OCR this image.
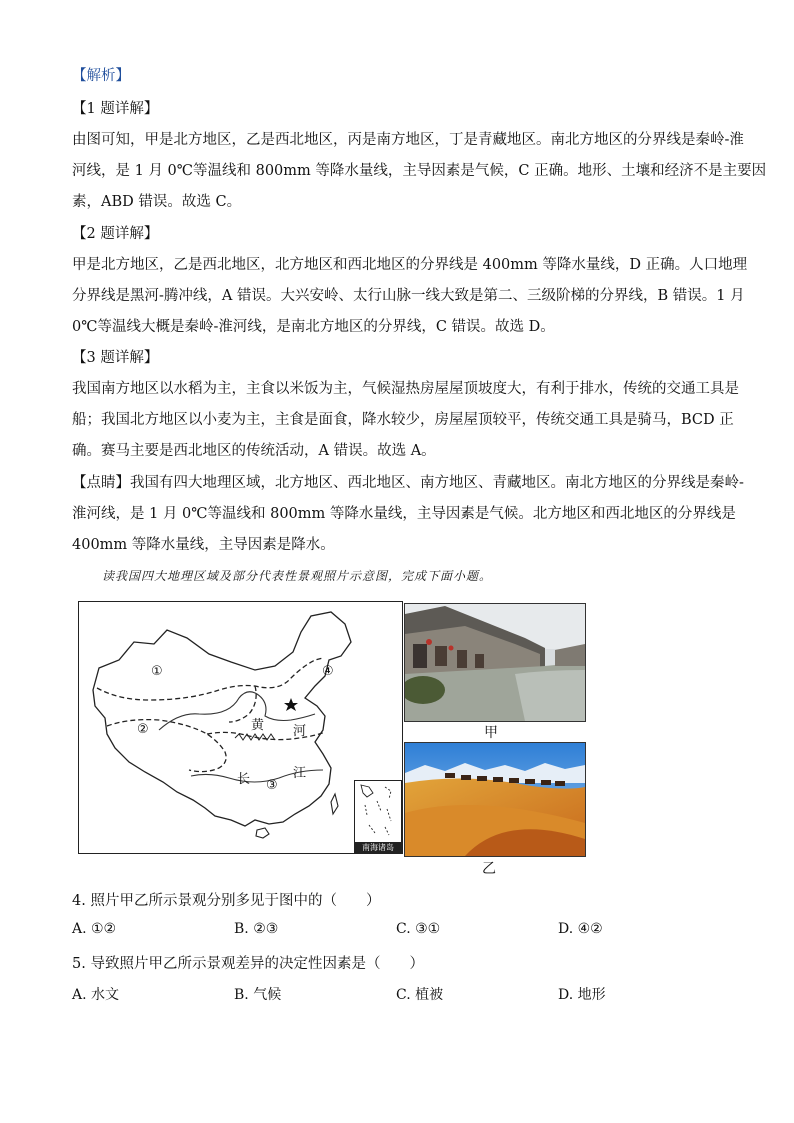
【解析】
【1 题详解】
由图可知，甲是北方地区，乙是西北地区，丙是南方地区，丁是青藏地区。南北方地区的分界线是秦岭-淮
河线，是 1 月 0℃等温线和 800mm 等降水量线，主导因素是气候，C 正确。地形、土壤和经济不是主要因
素，ABD 错误。故选 C。
【2 题详解】
甲是北方地区，乙是西北地区，北方地区和西北地区的分界线是 400mm 等降水量线，D 正确。人口地理
分界线是黑河-腾冲线，A 错误。大兴安岭、太行山脉一线大致是第二、三级阶梯的分界线，B 错误。1 月
0℃等温线大概是秦岭-淮河线，是南北方地区的分界线，C 错误。故选 D。
【3 题详解】
我国南方地区以水稻为主，主食以米饭为主，气候湿热房屋屋顶坡度大，有利于排水，传统的交通工具是
船；我国北方地区以小麦为主，主食是面食，降水较少，房屋屋顶较平，传统交通工具是骑马，BCD 正
确。赛马主要是西北地区的传统活动，A 错误。故选 A。
【点睛】我国有四大地理区域，北方地区、西北地区、南方地区、青藏地区。南北方地区的分界线是秦岭-
淮河线，是 1 月 0℃等温线和 800mm 等降水量线，主导因素是气候。北方地区和西北地区的分界线是
400mm 等降水量线，主导因素是降水。
读我国四大地理区域及部分代表性景观照片示意图，完成下面小题。
①
②
③
④
黄 河
长	江
南海诸岛
甲
乙
4. 照片甲乙所示景观分别多见于图中的（　　）
A. ①②	B. ②③	C. ③①	D. ④②
5. 导致照片甲乙所示景观差异的决定性因素是（　　）
A. 水文	B. 气候	C. 植被	D. 地形
